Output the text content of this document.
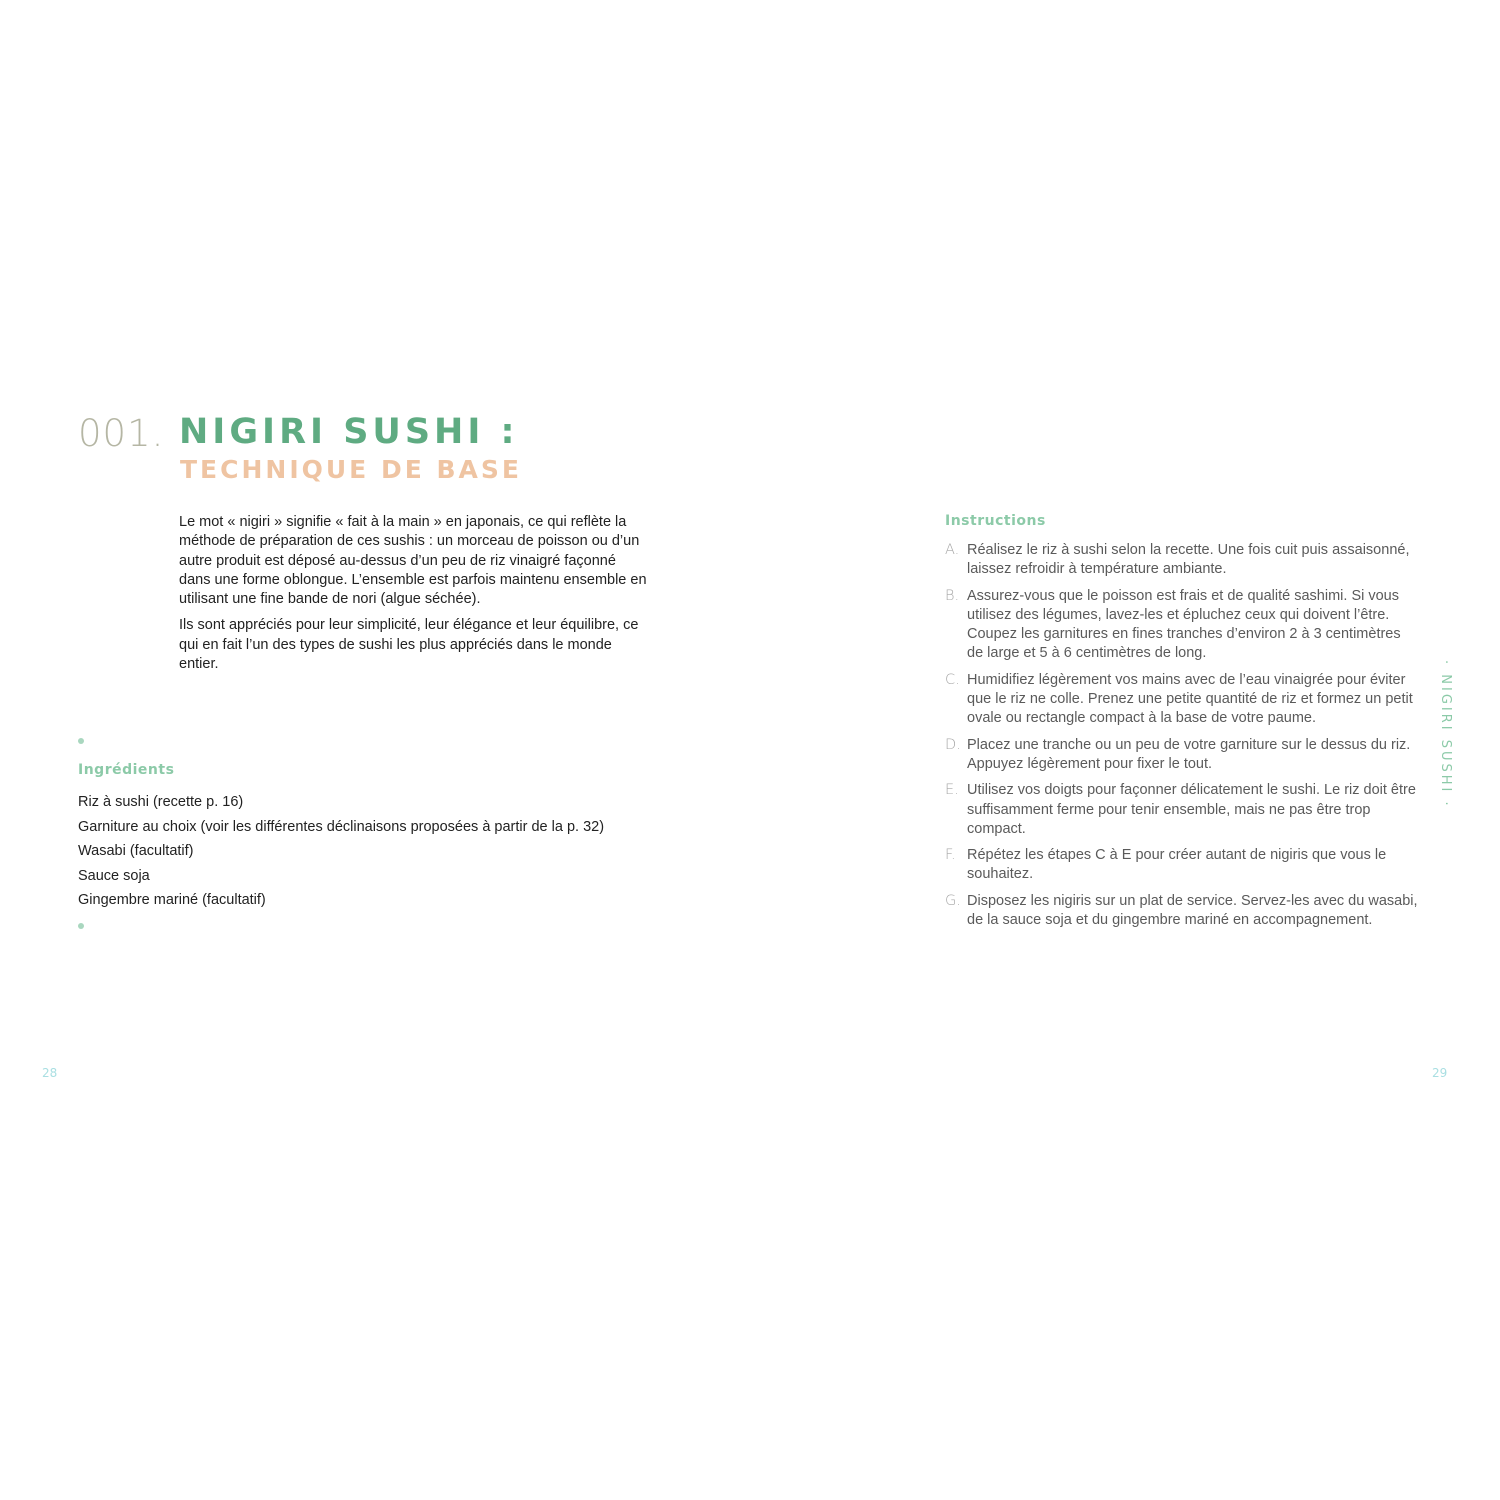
001. NIGIRI SUSHI :
TECHNIQUE DE BASE

Le mot « nigiri » signifie « fait à la main » en japonais, ce qui reflète la méthode de préparation de ces sushis : un morceau de poisson ou d’un autre produit est déposé au-dessus d’un peu de riz vinaigré façonné dans une forme oblongue. L’ensemble est parfois maintenu ensemble en utilisant une fine bande de nori (algue séchée).

Ils sont appréciés pour leur simplicité, leur élégance et leur équilibre, ce qui en fait l’un des types de sushi les plus appréciés dans le monde entier.

Ingrédients
Riz à sushi (recette p. 16)
Garniture au choix (voir les différentes déclinaisons proposées à partir de la p. 32)
Wasabi (facultatif)
Sauce soja
Gingembre mariné (facultatif)
Instructions
A. Réalisez le riz à sushi selon la recette. Une fois cuit puis assaisonné, laissez refroidir à température ambiante.
B. Assurez-vous que le poisson est frais et de qualité sashimi. Si vous utilisez des légumes, lavez-les et épluchez ceux qui doivent l’être. Coupez les garnitures en fines tranches d’environ 2 à 3 centimètres de large et 5 à 6 centimètres de long.
C. Humidifiez légèrement vos mains avec de l’eau vinaigrée pour éviter que le riz ne colle. Prenez une petite quantité de riz et formez un petit ovale ou rectangle compact à la base de votre paume.
D. Placez une tranche ou un peu de votre garniture sur le dessus du riz. Appuyez légèrement pour fixer le tout.
E. Utilisez vos doigts pour façonner délicatement le sushi. Le riz doit être suffisamment ferme pour tenir ensemble, mais ne pas être trop compact.
F. Répétez les étapes C à E pour créer autant de nigiris que vous le souhaitez.
G. Disposez les nigiris sur un plat de service. Servez-les avec du wasabi, de la sauce soja et du gingembre mariné en accompagnement.
· NIGIRI SUSHI ·
28	29
